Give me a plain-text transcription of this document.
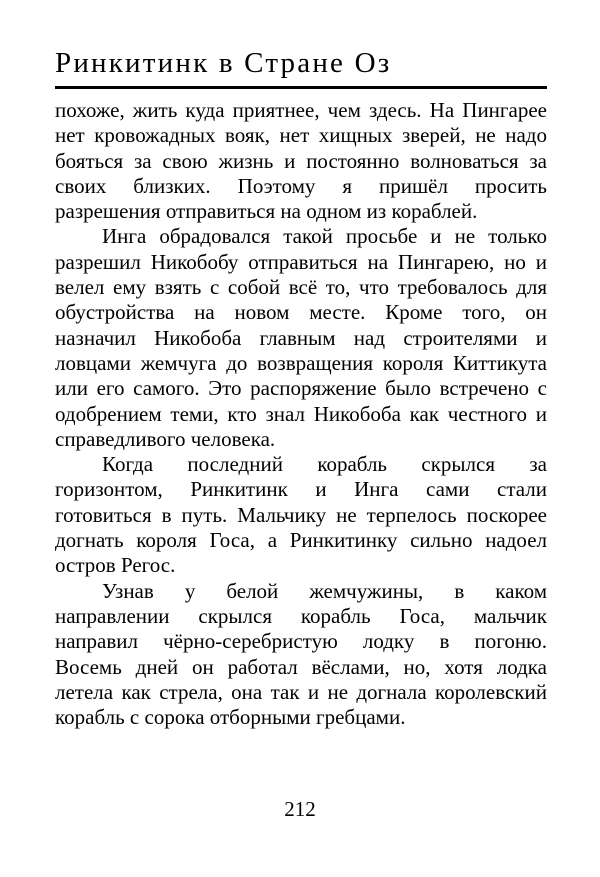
Ринкитинк в Стране Оз
похоже, жить куда приятнее, чем здесь. На Пингарее
нет кровожадных вояк, нет хищных зверей, не надо
бояться за свою жизнь и постоянно волноваться за
своих близких. Поэтому я пришёл просить
разрешения отправиться на одном из кораблей.
Инга обрадовался такой просьбе и не только
разрешил Никобобу отправиться на Пингарею, но и
велел ему взять с собой всё то, что требовалось для
обустройства на новом месте. Кроме того, он
назначил Никобоба главным над строителями и
ловцами жемчуга до возвращения короля Киттикута
или его самого. Это распоряжение было встречено с
одобрением теми, кто знал Никобоба как честного и
справедливого человека.
Когда последний корабль скрылся за
горизонтом, Ринкитинк и Инга сами стали
готовиться в путь. Мальчику не терпелось поскорее
догнать короля Госа, а Ринкитинку сильно надоел
остров Регос.
Узнав у белой жемчужины, в каком
направлении скрылся корабль Госа, мальчик
направил чёрно-серебристую лодку в погоню.
Восемь дней он работал вёслами, но, хотя лодка
летела как стрела, она так и не догнала королевский
корабль с сорока отборными гребцами.
212
